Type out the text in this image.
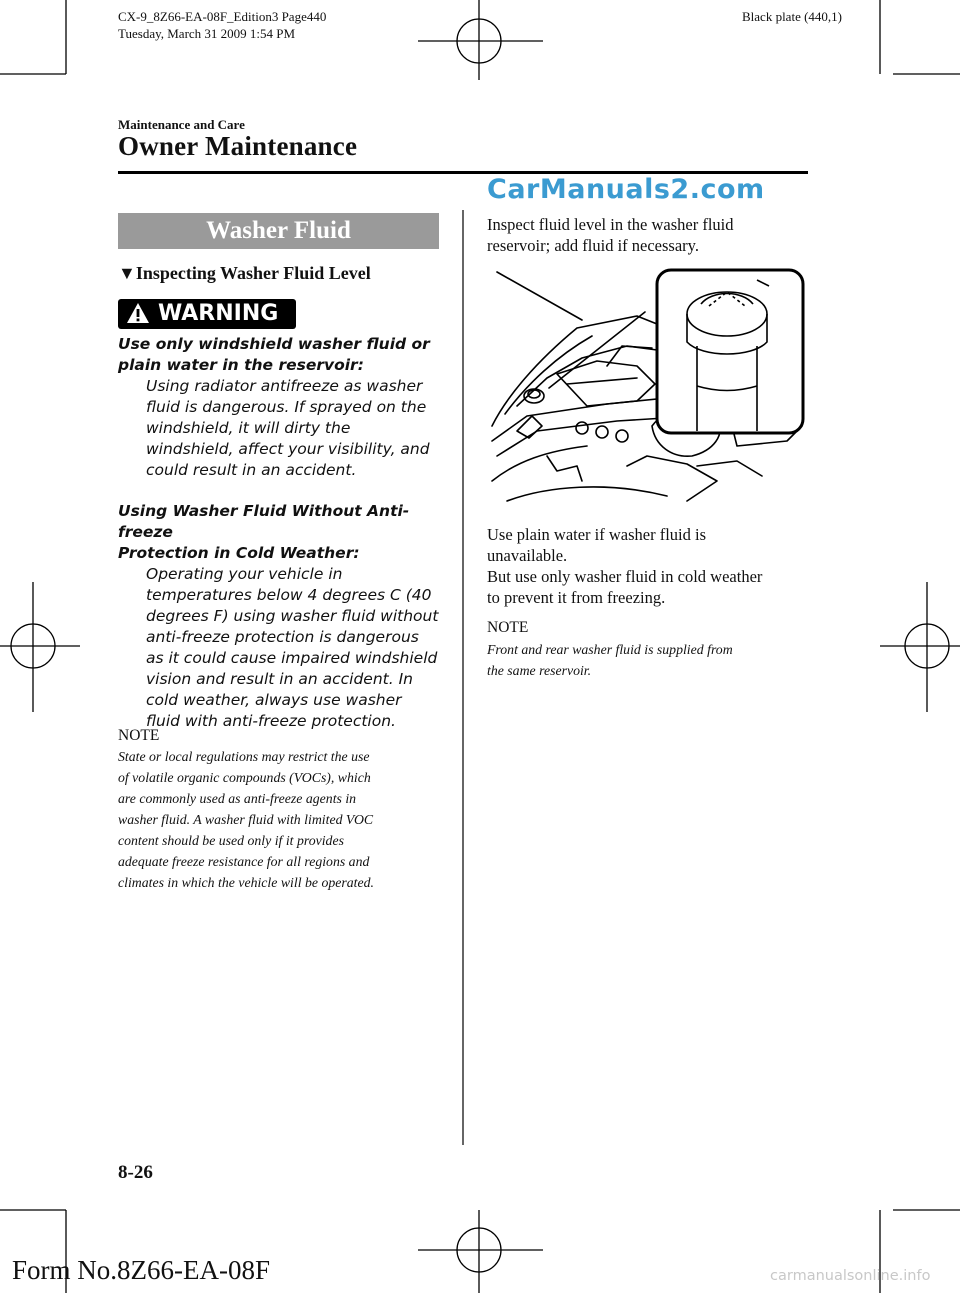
CX-9_8Z66-EA-08F_Edition3 Page440
Tuesday, March 31 2009 1:54 PM
Black plate (440,1)
Maintenance and Care
Owner Maintenance
CarManuals2.com
Washer Fluid
▼Inspecting Washer Fluid Level
WARNING
Use only windshield washer fluid or
plain water in the reservoir:
Using radiator antifreeze as washer
fluid is dangerous. If sprayed on the
windshield, it will dirty the
windshield, affect your visibility, and
could result in an accident.
Using Washer Fluid Without Anti-freeze
Protection in Cold Weather:
Operating your vehicle in
temperatures below 4 degrees C (40
degrees F) using washer fluid without
anti-freeze protection is dangerous
as it could cause impaired windshield
vision and result in an accident. In
cold weather, always use washer
fluid with anti-freeze protection.
NOTE
State or local regulations may restrict the use
of volatile organic compounds (VOCs), which
are commonly used as anti-freeze agents in
washer fluid. A washer fluid with limited VOC
content should be used only if it provides
adequate freeze resistance for all regions and
climates in which the vehicle will be operated.
Inspect fluid level in the washer fluid
reservoir; add fluid if necessary.
Use plain water if washer fluid is
unavailable.
But use only washer fluid in cold weather
to prevent it from freezing.
NOTE
Front and rear washer fluid is supplied from
the same reservoir.
8-26
Form No.8Z66-EA-08F	carmanualsonline.info
